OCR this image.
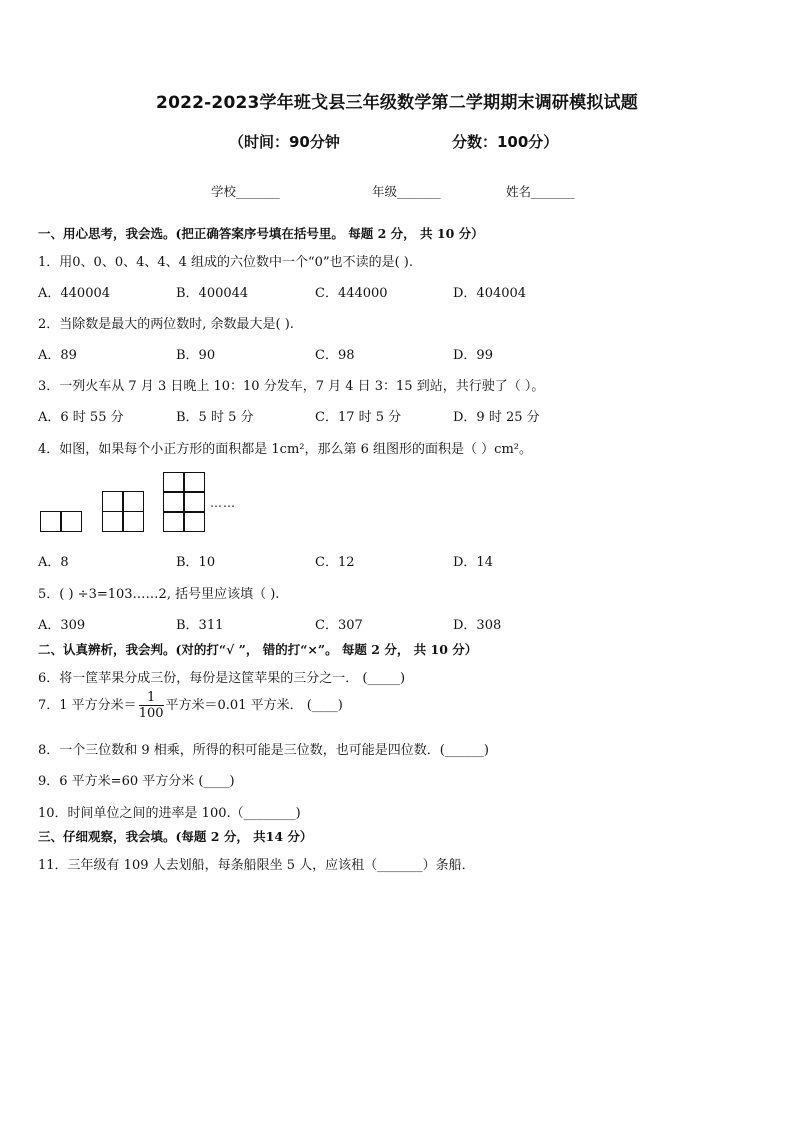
2022-2023学年班戈县三年级数学第二学期期末调研模拟试题
（时间：90分钟	分数：100分）
学校_______	年级_______	姓名_______
一、用心思考，我会选。(把正确答案序号填在括号里。 每题 2 分， 共 10 分）
1．用0、0、0、4、4、4 组成的六位数中一个“0”也不读的是( ).
A．440004	B．400044	C．444000	D．404004
2．当除数是最大的两位数时, 余数最大是( ).
A．89	B．90	C．98	D．99
3．一列火车从 7 月 3 日晚上 10：10 分发车，7 月 4 日 3：15 到站，共行驶了（ ）。
A．6 时 55 分	B．5 时 5 分	C．17 时 5 分	D．9 时 25 分
4．如图，如果每个小正方形的面积都是 1cm²，那么第 6 组图形的面积是（ ）cm²。
……
A．8	B．10	C．12	D．14
5．( ) ÷3=103……2, 括号里应该填（ ).
A．309	B．311	C．307	D．308
二、认真辨析，我会判。(对的打“√ ”， 错的打“×”。 每题 2 分， 共 10 分）
6．将一筐苹果分成三份，每份是这筐苹果的三分之一． (_____)
7．1 平方分米＝ $\frac{1}{100}$ 平方米＝0.01 平方米． (____)
8．一个三位数和 9 相乘，所得的积可能是三位数，也可能是四位数．(______)
9．6 平方米=60 平方分米 (____)
10．时间单位之间的进率是 100.（________)
三、仔细观察，我会填。(每题 2 分， 共14 分）
11．三年级有 109 人去划船，每条船限坐 5 人，应该租（_______）条船．
